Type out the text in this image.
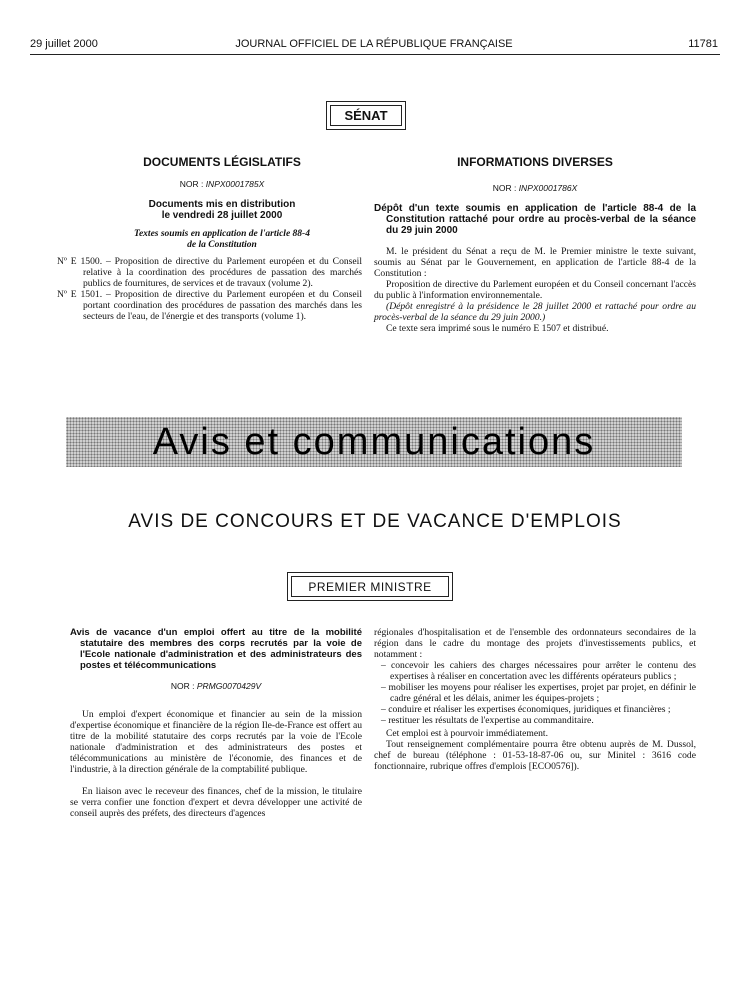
29 juillet 2000	JOURNAL OFFICIEL DE LA RÉPUBLIQUE FRANÇAISE	11781
SÉNAT
DOCUMENTS LÉGISLATIFS
NOR : INPX0001785X
Documents mis en distribution
le vendredi 28 juillet 2000
Textes soumis en application de l'article 88-4
de la Constitution

Nº E 1500. – Proposition de directive du Parlement européen et du Conseil relative à la coordination des procédures de passation des marchés publics de fournitures, de services et de travaux (volume 2).

Nº E 1501. – Proposition de directive du Parlement européen et du Conseil portant coordination des procédures de passation des marchés dans les secteurs de l'eau, de l'énergie et des transports (volume 1).

INFORMATIONS DIVERSES
NOR : INPX0001786X
Dépôt d'un texte soumis en application de l'article 88-4 de la Constitution rattaché pour ordre au procès-verbal de la séance du 29 juin 2000

M. le président du Sénat a reçu de M. le Premier ministre le texte suivant, soumis au Sénat par le Gouvernement, en application de l'article 88-4 de la Constitution :

Proposition de directive du Parlement européen et du Conseil concernant l'accès du public à l'information environnementale.

(Dépôt enregistré à la présidence le 28 juillet 2000 et rattaché pour ordre au procès-verbal de la séance du 29 juin 2000.)

Ce texte sera imprimé sous le numéro E 1507 et distribué.

Avis et communications
AVIS DE CONCOURS ET DE VACANCE D'EMPLOIS
PREMIER MINISTRE
Avis de vacance d'un emploi offert au titre de la mobilité statutaire des membres des corps recrutés par la voie de l'Ecole nationale d'administration et des administrateurs des postes et télécommunications
NOR : PRMG0070429V

Un emploi d'expert économique et financier au sein de la mission d'expertise économique et financière de la région Ile-de-France est offert au titre de la mobilité statutaire des corps recrutés par la voie de l'Ecole nationale d'administration et des administrateurs des postes et télécommunications au ministère de l'économie, des finances et de l'industrie, à la direction générale de la comptabilité publique.

En liaison avec le receveur des finances, chef de la mission, le titulaire se verra confier une fonction d'expert et devra développer une activité de conseil auprès des préfets, des directeurs d'agences

régionales d'hospitalisation et de l'ensemble des ordonnateurs secondaires de la région dans le cadre du montage des projets d'investissements publics, et notamment :

– concevoir les cahiers des charges nécessaires pour arrêter le contenu des expertises à réaliser en concertation avec les différents opérateurs publics ;

– mobiliser les moyens pour réaliser les expertises, projet par projet, en définir le cadre général et les délais, animer les équipes-projets ;

– conduire et réaliser les expertises économiques, juridiques et financières ;

– restituer les résultats de l'expertise au commanditaire.

Cet emploi est à pourvoir immédiatement.

Tout renseignement complémentaire pourra être obtenu auprès de M. Dussol, chef de bureau (téléphone : 01-53-18-87-06 ou, sur Minitel : 3616 code fonctionnaire, rubrique offres d'emplois [ECO0576]).
